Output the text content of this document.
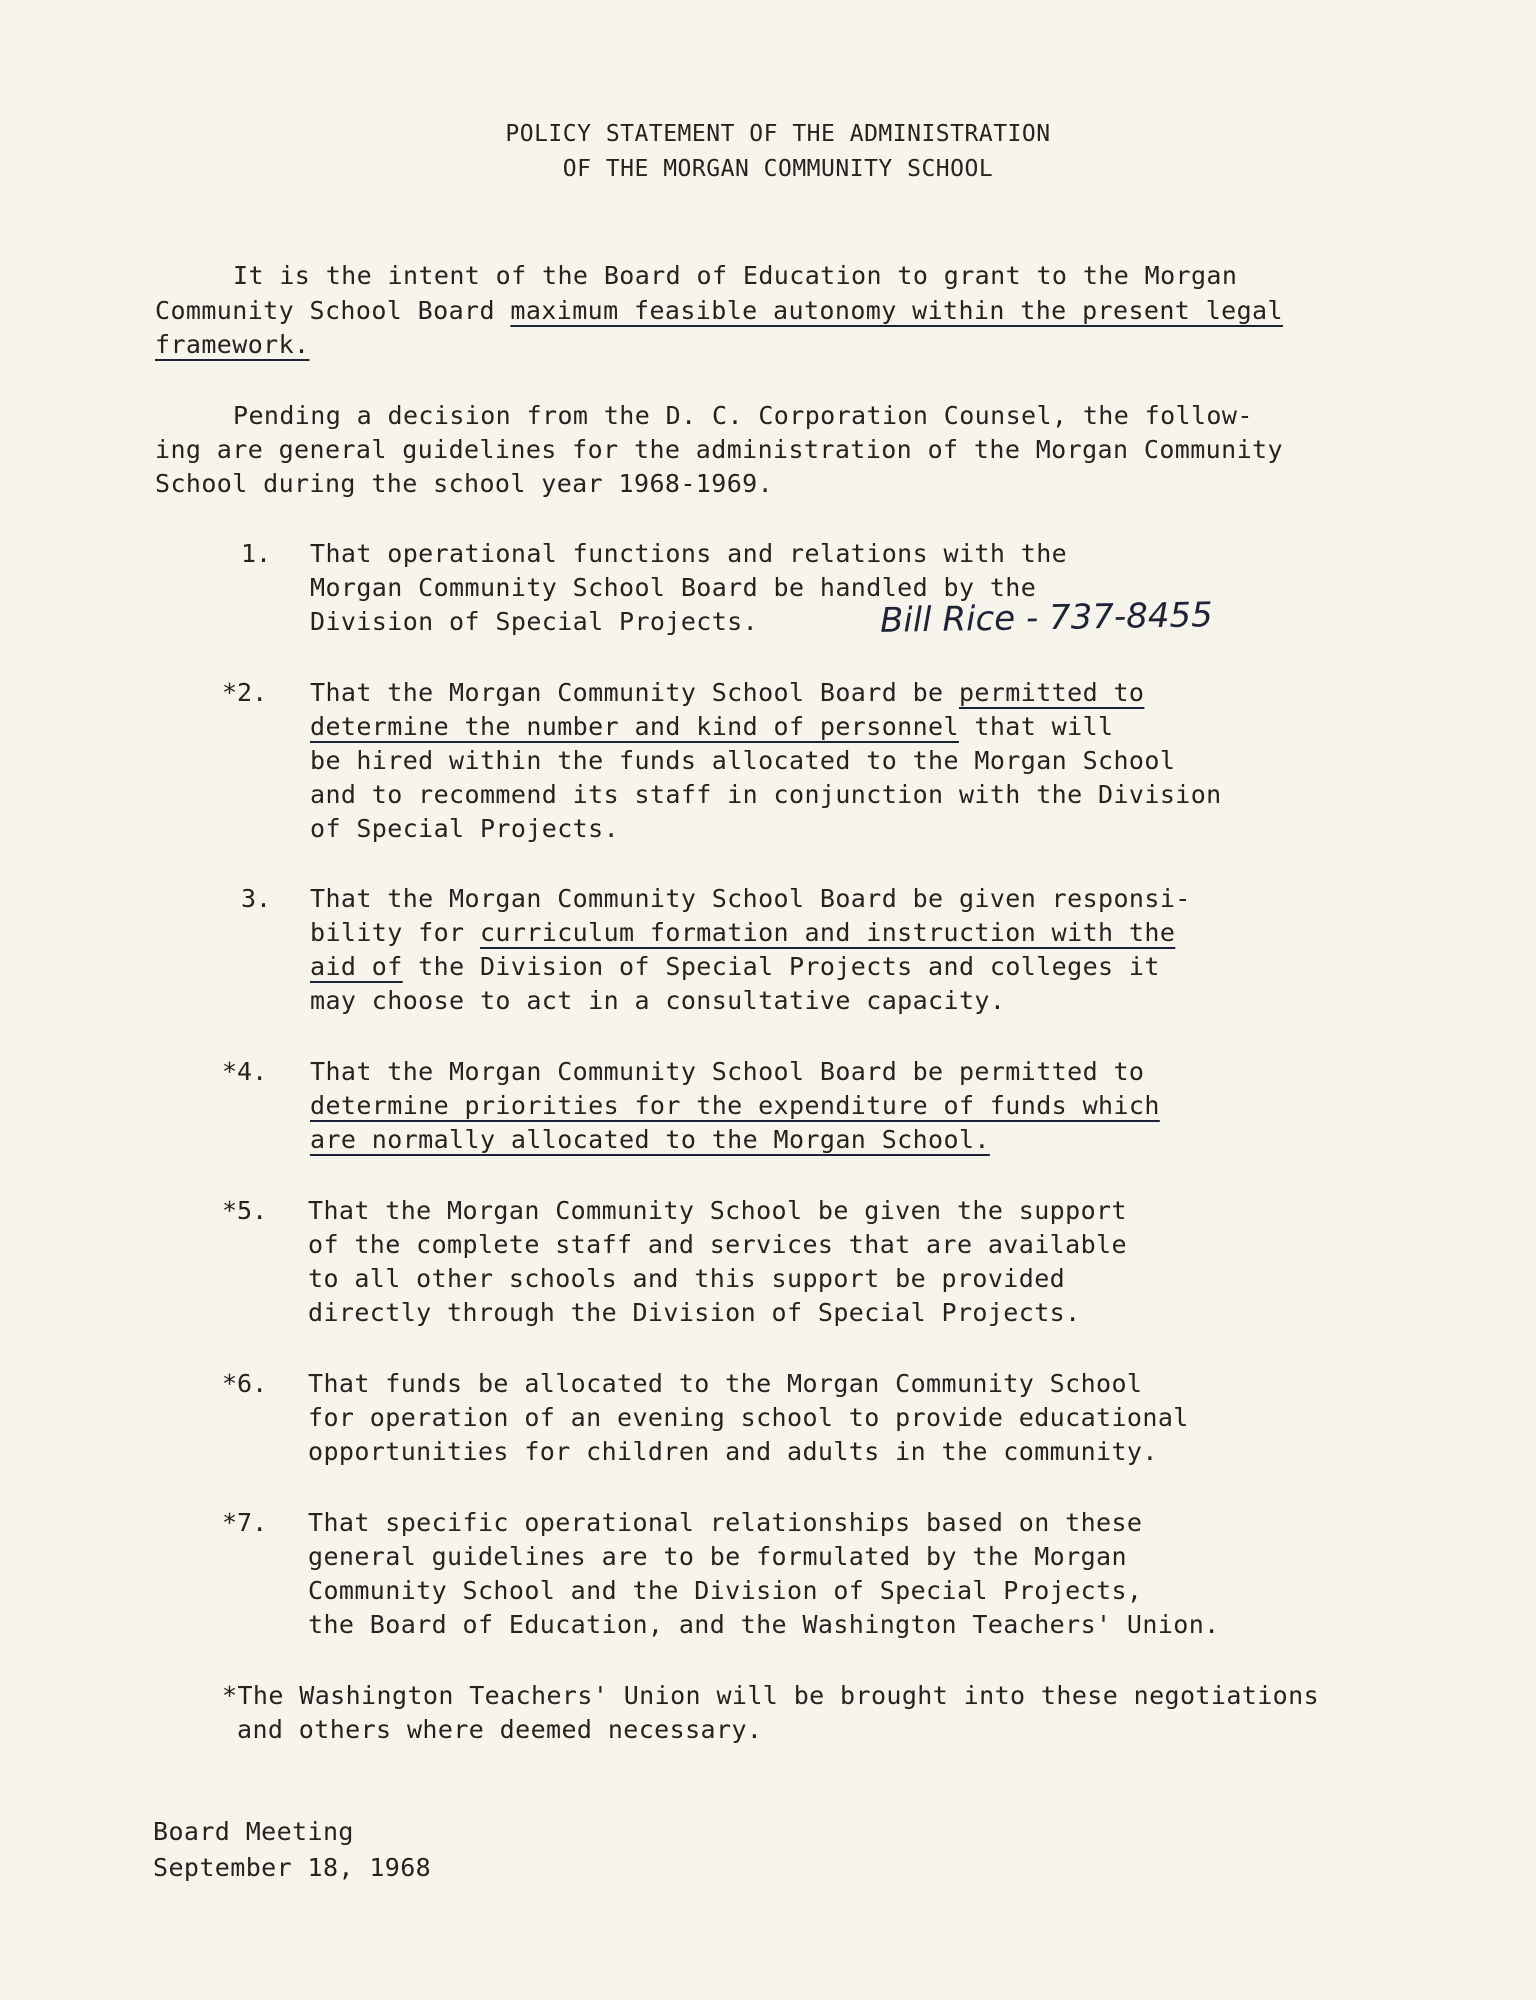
POLICY STATEMENT OF THE ADMINISTRATION
OF THE MORGAN COMMUNITY SCHOOL
It is the intent of the Board of Education to grant to the Morgan
Community School Board maximum feasible autonomy within the present legal
framework.
Pending a decision from the D. C. Corporation Counsel, the follow-
ing are general guidelines for the administration of the Morgan Community
School during the school year 1968-1969.
1. That operational functions and relations with the
Morgan Community School Board be handled by the
Division of Special Projects.	Bill Rice - 737-8455
*2. That the Morgan Community School Board be permitted to
determine the number and kind of personnel that will
be hired within the funds allocated to the Morgan School
and to recommend its staff in conjunction with the Division
of Special Projects.
3. That the Morgan Community School Board be given responsi-
bility for curriculum formation and instruction with the
aid of the Division of Special Projects and colleges it
may choose to act in a consultative capacity.
*4. That the Morgan Community School Board be permitted to
determine priorities for the expenditure of funds which
are normally allocated to the Morgan School.
*5. That the Morgan Community School be given the support
of the complete staff and services that are available
to all other schools and this support be provided
directly through the Division of Special Projects.
*6. That funds be allocated to the Morgan Community School
for operation of an evening school to provide educational
opportunities for children and adults in the community.
*7. That specific operational relationships based on these
general guidelines are to be formulated by the Morgan
Community School and the Division of Special Projects,
the Board of Education, and the Washington Teachers' Union.
*The Washington Teachers' Union will be brought into these negotiations
and others where deemed necessary.
Board Meeting
September 18, 1968
